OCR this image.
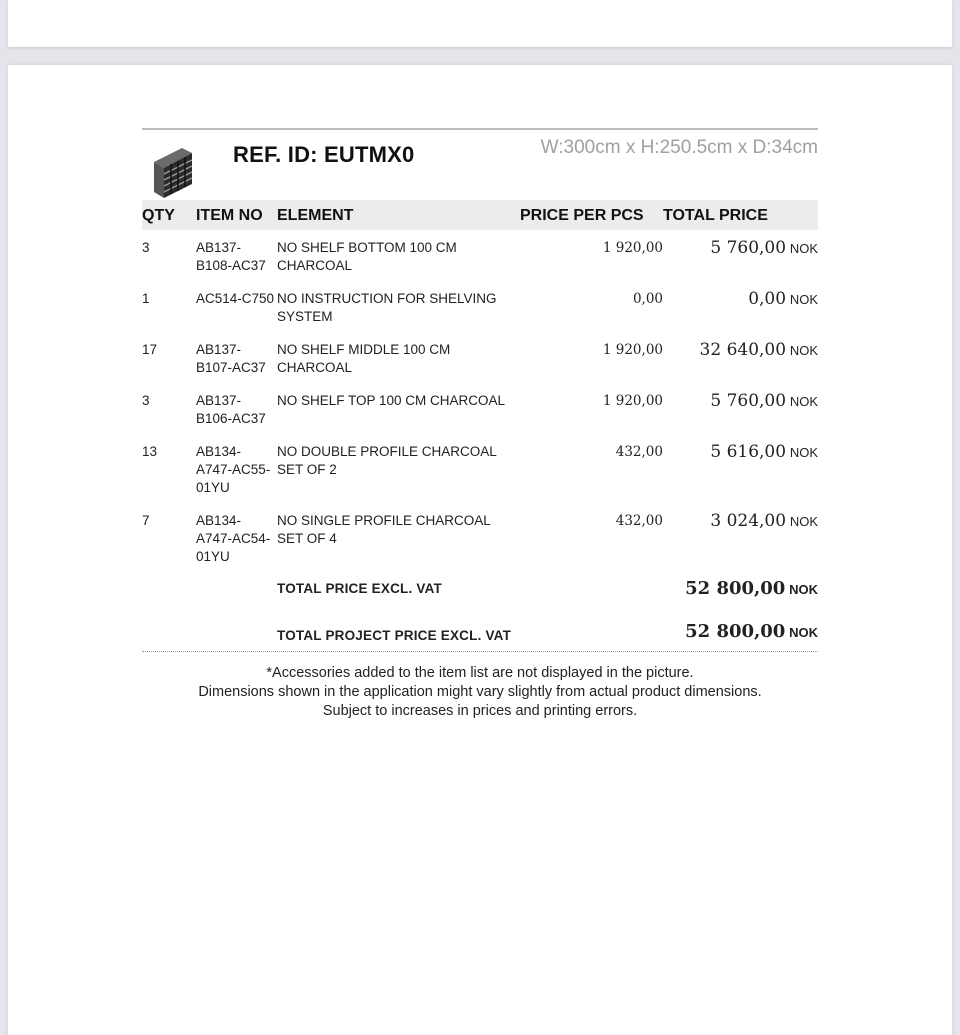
REF. ID: EUTMX0	W:300cm x H:250.5cm x D:34cm
QTY	ITEM NO	ELEMENT	PRICE PER PCS	TOTAL PRICE
3	AB137-B108-AC37	NO SHELF BOTTOM 100 CM CHARCOAL	1 920,00	5 760,00 NOK
1	AC514-C750	NO INSTRUCTION FOR SHELVING SYSTEM	0,00	0,00 NOK
17	AB137-B107-AC37	NO SHELF MIDDLE 100 CM CHARCOAL	1 920,00	32 640,00 NOK
3	AB137-B106-AC37	NO SHELF TOP 100 CM CHARCOAL	1 920,00	5 760,00 NOK
13	AB134-A747-AC55-01YU	NO DOUBLE PROFILE CHARCOAL SET OF 2	432,00	5 616,00 NOK
7	AB134-A747-AC54-01YU	NO SINGLE PROFILE CHARCOAL SET OF 4	432,00	3 024,00 NOK
		TOTAL PRICE EXCL. VAT		52 800,00 NOK
		TOTAL PROJECT PRICE EXCL. VAT		52 800,00 NOK
*Accessories added to the item list are not displayed in the picture.
Dimensions shown in the application might vary slightly from actual product dimensions.
Subject to increases in prices and printing errors.
